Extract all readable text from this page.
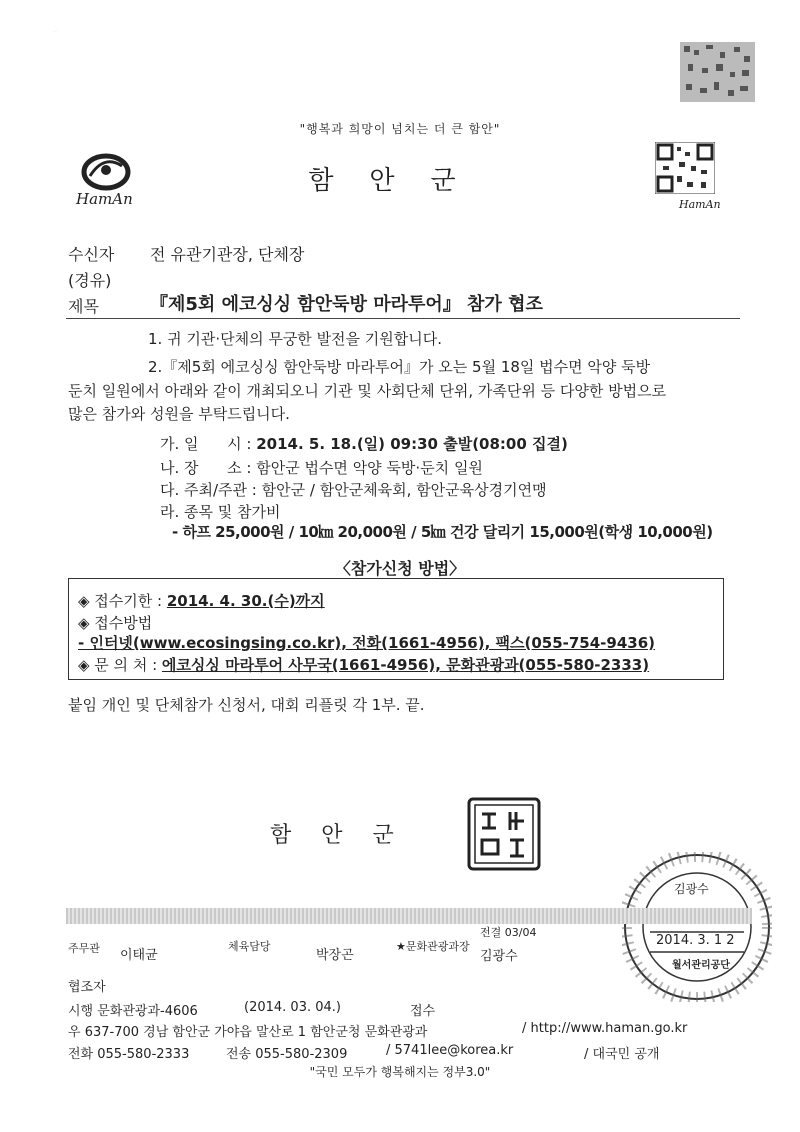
"행복과 희망이 넘치는 더 큰 함안"
HamAn
함안군
HamAn
수신자 전 유관기관장, 단체장
(경유)
제목	『제5회 에코싱싱 함안둑방 마라투어』 참가 협조
1. 귀 기관·단체의 무궁한 발전을 기원합니다.
2.『제5회 에코싱싱 함안둑방 마라투어』가 오는 5월 18일 법수면 악양 둑방
둔치 일원에서 아래와 같이 개최되오니 기관 및 사회단체 단위, 가족단위 등 다양한 방법으로
많은 참가와 성원을 부탁드립니다.
가. 일      시 : 2014. 5. 18.(일) 09:30 출발(08:00 집결)
나. 장      소 : 함안군 법수면 악양 둑방·둔치 일원
다. 주최/주관 : 함안군 / 함안군체육회, 함안군육상경기연맹
라. 종목 및 참가비
- 하프 25,000원 / 10㎞ 20,000원 / 5㎞ 건강 달리기 15,000원(학생 10,000원)
〈참가신청 방법〉
◈ 접수기한 : 2014. 4. 30.(수)까지
◈ 접수방법
- 인터넷(www.ecosingsing.co.kr), 전화(1661-4956), 팩스(055-754-9436)
◈ 문 의 처 : 에코싱싱 마라투어 사무국(1661-4956), 문화관광과(055-580-2333)
붙임 개인 및 단체참가 신청서, 대회 리플릿 각 1부. 끝.
함안군
김광수
2014. 3. 1 2
월서관리공단
주무관 이태균
체육담당
박장곤
★문화관광과장
전결 03/04
김광수
협조자
시행 문화관광과-4606	(2014. 03. 04.)	접수
우 637-700 경남 함안군 가야읍 말산로 1 함안군청 문화관광과	/ http://www.haman.go.kr
전화 055-580-2333	전송 055-580-2309	/ 5741lee@korea.kr	/ 대국민 공개
"국민 모두가 행복해지는 정부3.0"
